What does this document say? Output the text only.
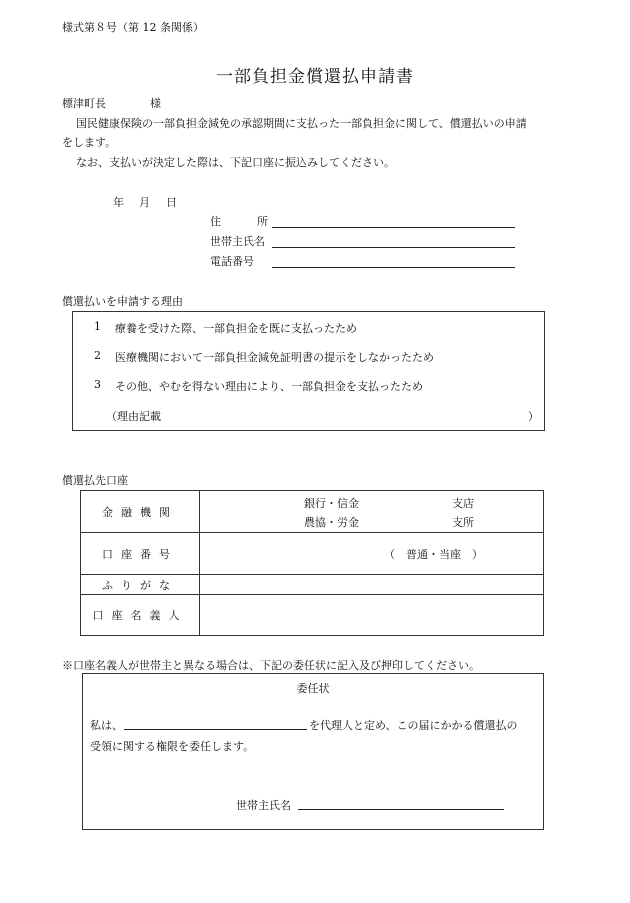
様式第８号（第 12 条関係）
一部負担金償還払申請書
標津町長	様
国民健康保険の一部負担金減免の承認期間に支払った一部負担金に関して、償還払いの申請
をします。
なお、支払いが決定した際は、下記口座に振込みしてください。
年 月 日
住	所
世帯主氏名
電話番号
償還払いを申請する理由
1 療養を受けた際、一部負担金を既に支払ったため
2 医療機関において一部負担金減免証明書の提示をしなかったため
3 その他、やむを得ない理由により、一部負担金を支払ったため
（理由記載	）
償還払先口座
金融機関	銀行・信金 支店
農協・労金 支所

口座番号	（　普通・当座　）

ふりがな	
口座名義人	
※口座名義人が世帯主と異なる場合は、下記の委任状に記入及び押印してください。
委任状
私は、	を代理人と定め、この届にかかる償還払の
受領に関する権限を委任します。
世帯主氏名
